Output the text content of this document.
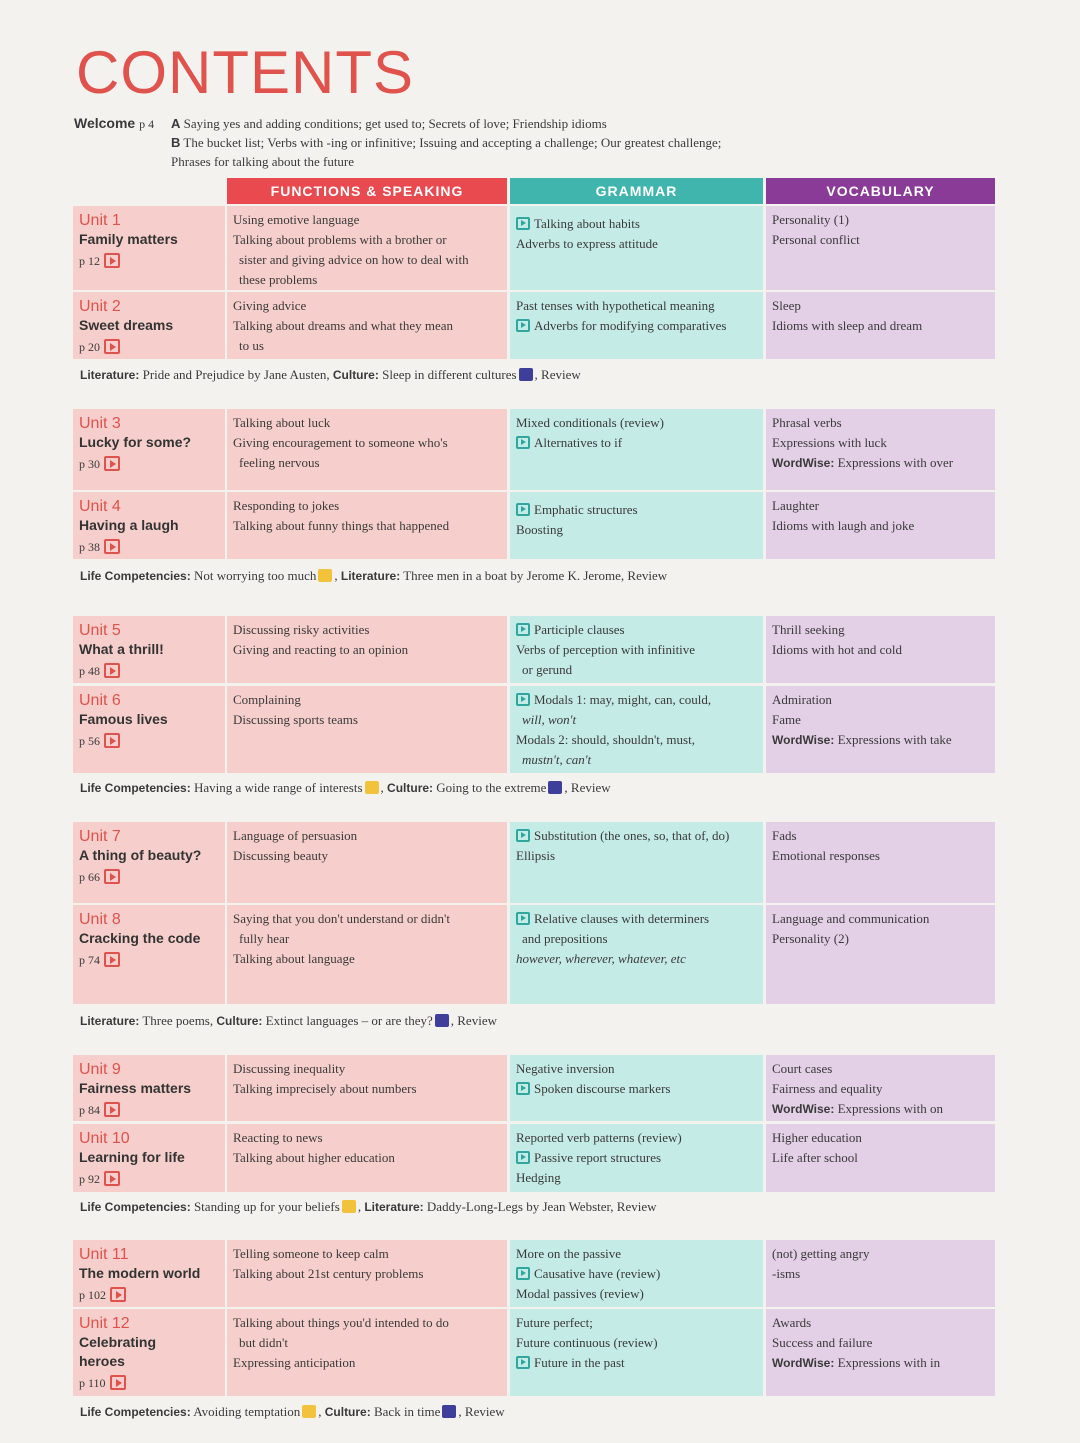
CONTENTS
Welcome p 4 A Saying yes and adding conditions; get used to; Secrets of love; Friendship idioms
B The bucket list; Verbs with -ing or infinitive; Issuing and accepting a challenge; Our greatest challenge;
Phrases for talking about the future
FUNCTIONS & SPEAKING	GRAMMAR	VOCABULARY
Unit 1
Family matters
p 12
Using emotive language
Talking about problems with a brother or
sister and giving advice on how to deal with
these problems
Talking about habits
Adverbs to express attitude
Personality (1)
Personal conflict
Unit 2
Sweet dreams
p 20
Giving advice
Talking about dreams and what they mean
to us
Past tenses with hypothetical meaning
Adverbs for modifying comparatives
Sleep
Idioms with sleep and dream
Unit 3
Lucky for some?
p 30
Talking about luck
Giving encouragement to someone who's
feeling nervous
Mixed conditionals (review)
Alternatives to if
Phrasal verbs
Expressions with luck
WordWise: Expressions with over
Unit 4
Having a laugh
p 38
Responding to jokes
Talking about funny things that happened
Emphatic structures
Boosting
Laughter
Idioms with laugh and joke
Unit 5
What a thrill!
p 48
Discussing risky activities
Giving and reacting to an opinion
Participle clauses
Verbs of perception with infinitive
or gerund
Thrill seeking
Idioms with hot and cold
Unit 6
Famous lives
p 56
Complaining
Discussing sports teams
Modals 1: may, might, can, could,
will, won't
Modals 2: should, shouldn't, must,
mustn't, can't
Admiration
Fame
WordWise: Expressions with take
Unit 7
A thing of beauty?
p 66
Language of persuasion
Discussing beauty
Substitution (the ones, so, that of, do)
Ellipsis
Fads
Emotional responses
Unit 8
Cracking the code
p 74
Saying that you don't understand or didn't
fully hear
Talking about language
Relative clauses with determiners
and prepositions
however, wherever, whatever, etc
Language and communication
Personality (2)
Unit 9
Fairness matters
p 84
Discussing inequality
Talking imprecisely about numbers
Negative inversion
Spoken discourse markers
Court cases
Fairness and equality
WordWise: Expressions with on
Unit 10
Learning for life
p 92
Reacting to news
Talking about higher education
Reported verb patterns (review)
Passive report structures
Hedging
Higher education
Life after school
Unit 11
The modern world
p 102
Telling someone to keep calm
Talking about 21st century problems
More on the passive
Causative have (review)
Modal passives (review)
(not) getting angry
-isms
Unit 12
Celebrating
heroes
p 110
Talking about things you'd intended to do
but didn't
Expressing anticipation
Future perfect;
Future continuous (review)
Future in the past
Awards
Success and failure
WordWise: Expressions with in
Literature: Pride and Prejudice by Jane Austen, Culture: Sleep in different cultures , Review
Life Competencies: Not worrying too much , Literature: Three men in a boat by Jerome K. Jerome, Review
Life Competencies: Having a wide range of interests , Culture: Going to the extreme , Review
Literature: Three poems, Culture: Extinct languages – or are they? , Review
Life Competencies: Standing up for your beliefs , Literature: Daddy-Long-Legs by Jean Webster, Review
Life Competencies: Avoiding temptation , Culture: Back in time , Review
